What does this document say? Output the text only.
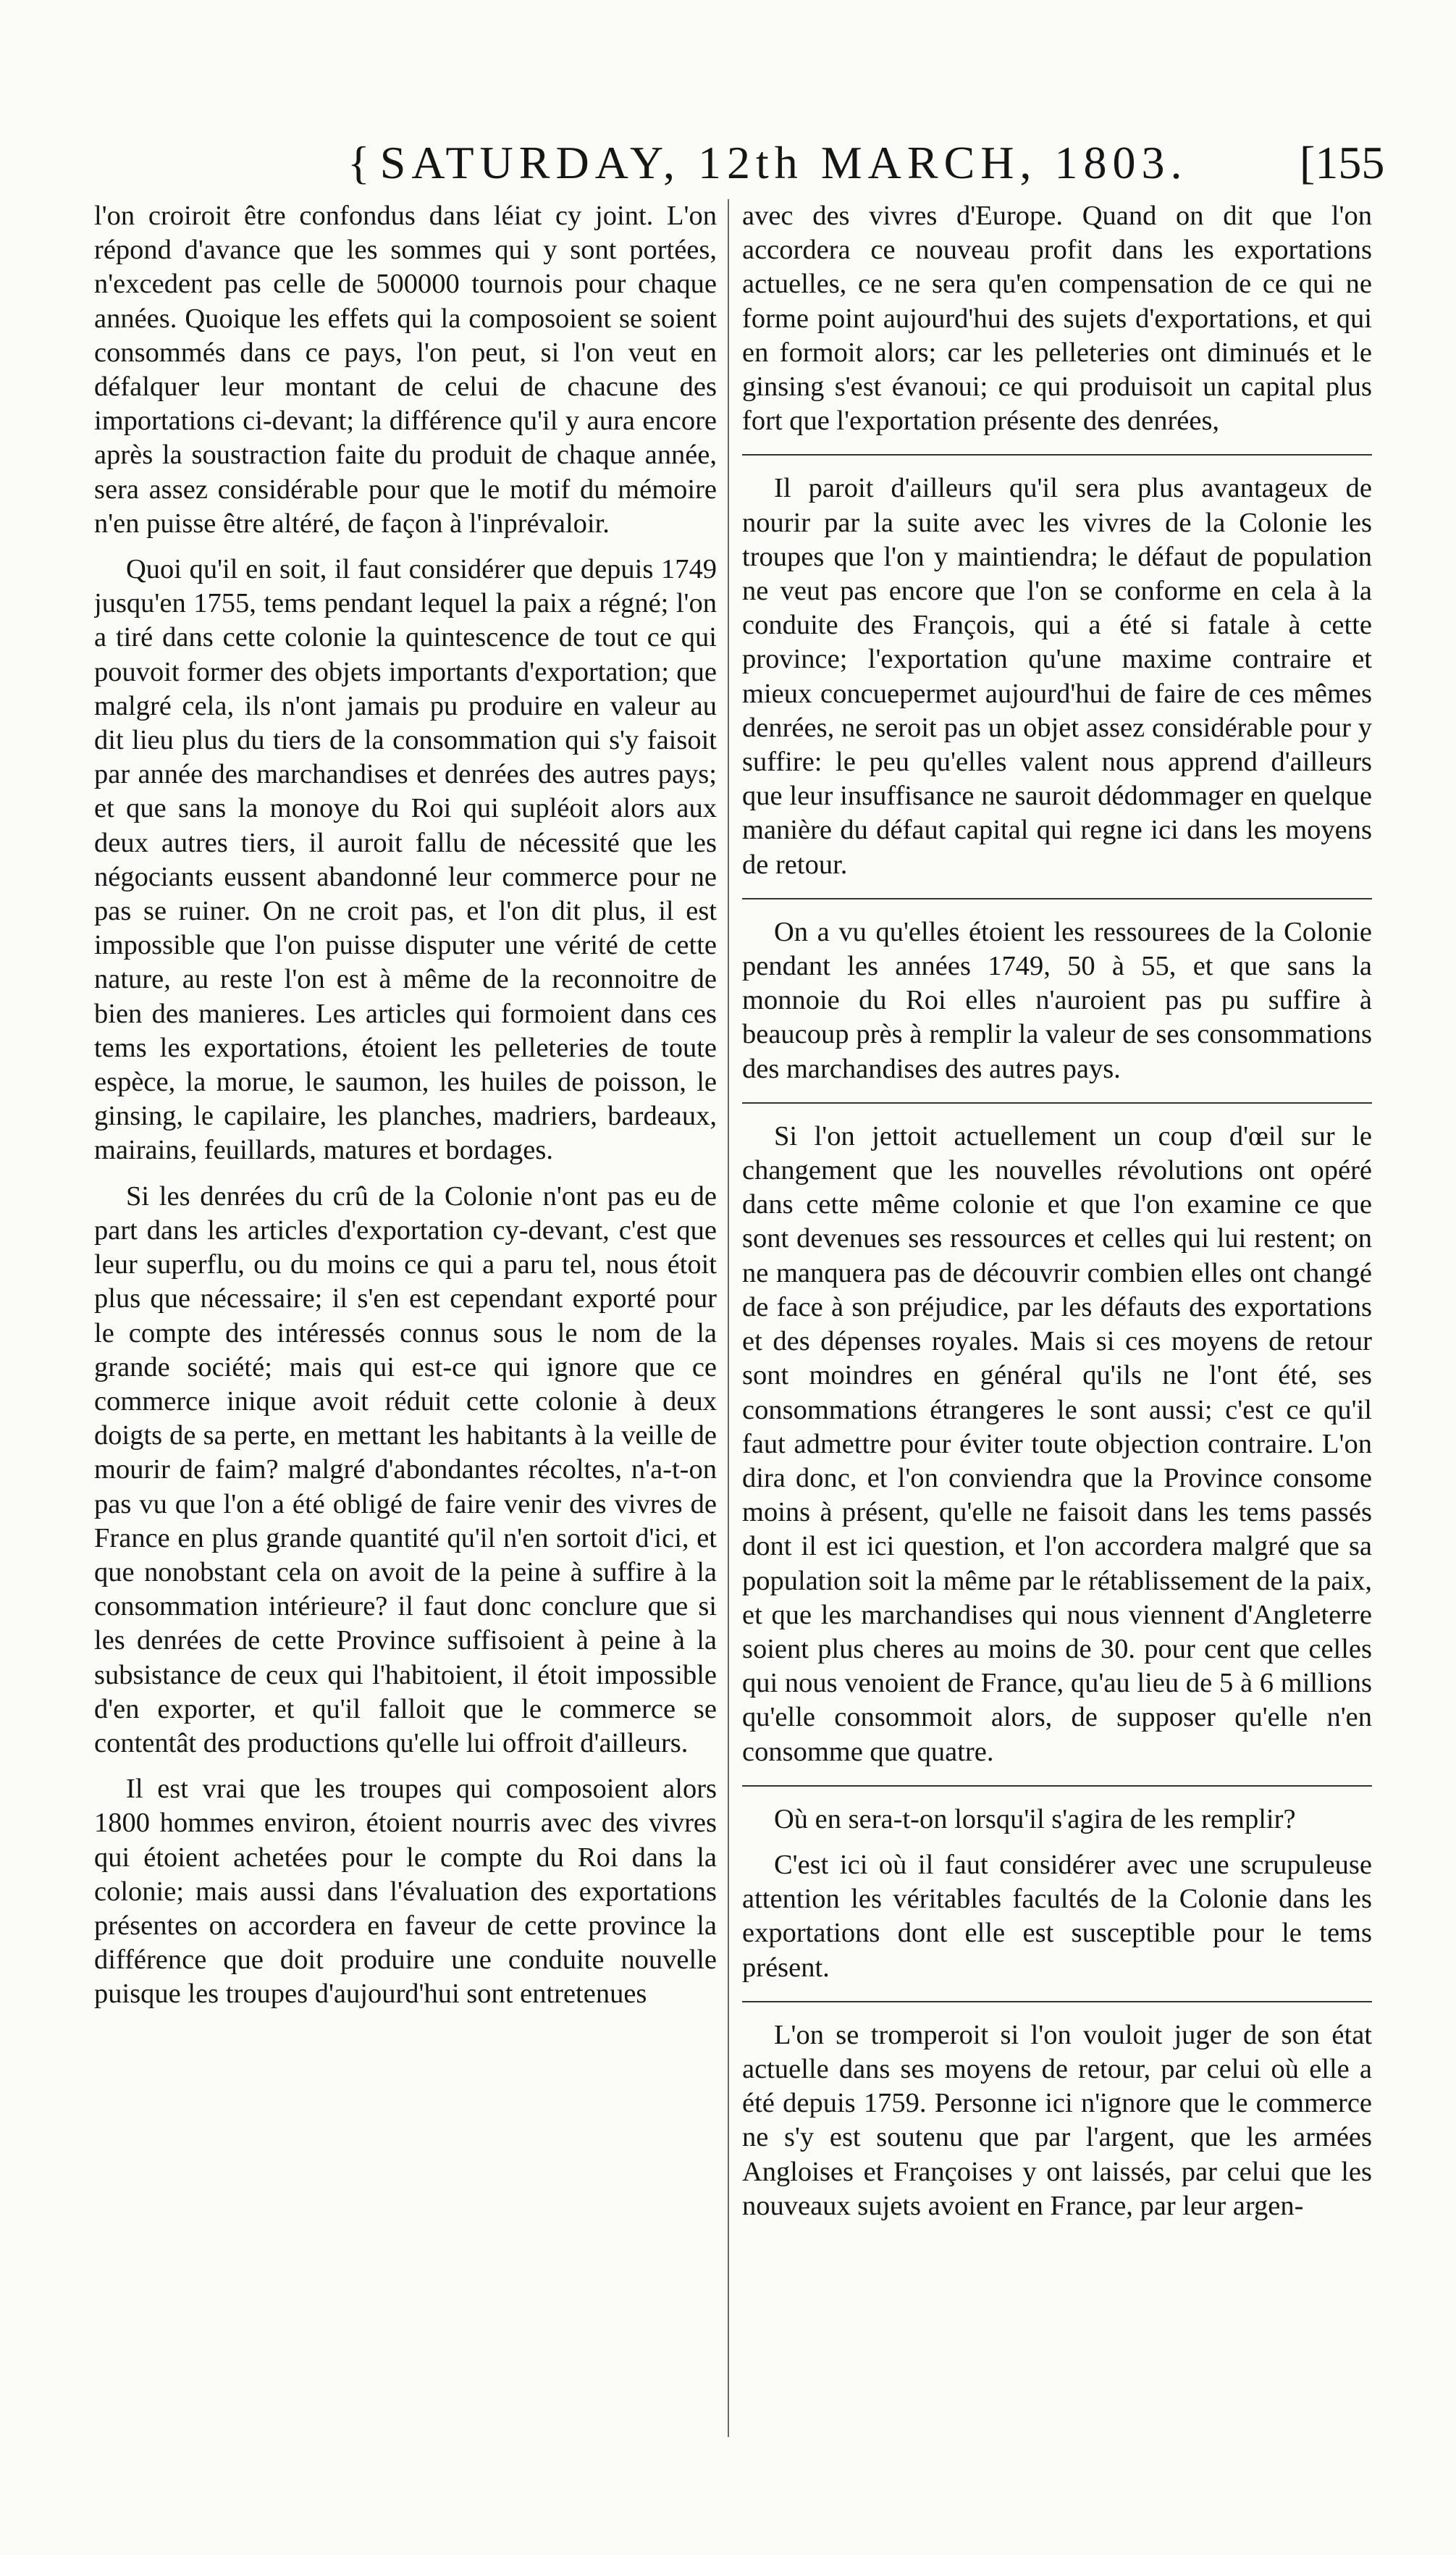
{ SATURDAY, 12th MARCH, 1803.	[155

l'on croiroit être confondus dans léiat cy joint. L'on répond d'avance que les sommes qui y sont portées, n'excedent pas celle de 500000 tournois pour chaque années. Quoique les effets qui la composoient se soient consommés dans ce pays, l'on peut, si l'on veut en défalquer leur montant de celui de chacune des importations ci-devant; la différence qu'il y aura encore après la soustraction faite du produit de chaque année, sera assez considérable pour que le motif du mémoire n'en puisse être altéré, de façon à l'inprévaloir.

Quoi qu'il en soit, il faut considérer que depuis 1749 jusqu'en 1755, tems pendant lequel la paix a régné; l'on a tiré dans cette colonie la quintescence de tout ce qui pouvoit former des objets importants d'exportation; que malgré cela, ils n'ont jamais pu produire en valeur au dit lieu plus du tiers de la consommation qui s'y faisoit par année des marchandises et denrées des autres pays; et que sans la monoye du Roi qui supléoit alors aux deux autres tiers, il auroit fallu de nécessité que les négociants eussent abandonné leur commerce pour ne pas se ruiner. On ne croit pas, et l'on dit plus, il est impossible que l'on puisse disputer une vérité de cette nature, au reste l'on est à même de la reconnoitre de bien des manieres. Les articles qui formoient dans ces tems les exportations, étoient les pelleteries de toute espèce, la morue, le saumon, les huiles de poisson, le ginsing, le capilaire, les planches, madriers, bardeaux, mairains, feuillards, matures et bordages.

Si les denrées du crû de la Colonie n'ont pas eu de part dans les articles d'exportation cy-devant, c'est que leur superflu, ou du moins ce qui a paru tel, nous étoit plus que nécessaire; il s'en est cependant exporté pour le compte des intéressés connus sous le nom de la grande société; mais qui est-ce qui ignore que ce commerce inique avoit réduit cette colonie à deux doigts de sa perte, en mettant les habitants à la veille de mourir de faim? malgré d'abondantes récoltes, n'a-t-on pas vu que l'on a été obligé de faire venir des vivres de France en plus grande quantité qu'il n'en sortoit d'ici, et que nonobstant cela on avoit de la peine à suffire à la consommation intérieure? il faut donc conclure que si les denrées de cette Province suffisoient à peine à la subsistance de ceux qui l'habitoient, il étoit impossible d'en exporter, et qu'il falloit que le commerce se contentât des productions qu'elle lui offroit d'ailleurs.

Il est vrai que les troupes qui composoient alors 1800 hommes environ, étoient nourris avec des vivres qui étoient achetées pour le compte du Roi dans la colonie; mais aussi dans l'évaluation des exportations présentes on accordera en faveur de cette province la différence que doit produire une conduite nouvelle puisque les troupes d'aujourd'hui sont entretenues

avec des vivres d'Europe. Quand on dit que l'on accordera ce nouveau profit dans les exportations actuelles, ce ne sera qu'en compensation de ce qui ne forme point aujourd'hui des sujets d'exportations, et qui en formoit alors; car les pelleteries ont diminués et le ginsing s'est évanoui; ce qui produisoit un capital plus fort que l'exportation présente des denrées,

Il paroit d'ailleurs qu'il sera plus avantageux de nourir par la suite avec les vivres de la Colonie les troupes que l'on y maintiendra; le défaut de population ne veut pas encore que l'on se conforme en cela à la conduite des François, qui a été si fatale à cette province; l'exportation qu'une maxime contraire et mieux concuepermet aujourd'hui de faire de ces mêmes denrées, ne seroit pas un objet assez considérable pour y suffire: le peu qu'elles valent nous apprend d'ailleurs que leur insuffisance ne sauroit dédommager en quelque manière du défaut capital qui regne ici dans les moyens de retour.

On a vu qu'elles étoient les ressourees de la Colonie pendant les années 1749, 50 à 55, et que sans la monnoie du Roi elles n'auroient pas pu suffire à beaucoup près à remplir la valeur de ses consommations des marchandises des autres pays.

Si l'on jettoit actuellement un coup d'œil sur le changement que les nouvelles révolutions ont opéré dans cette même colonie et que l'on examine ce que sont devenues ses ressources et celles qui lui restent; on ne manquera pas de découvrir combien elles ont changé de face à son préjudice, par les défauts des exportations et des dépenses royales. Mais si ces moyens de retour sont moindres en général qu'ils ne l'ont été, ses consommations étrangeres le sont aussi; c'est ce qu'il faut admettre pour éviter toute objection contraire. L'on dira donc, et l'on conviendra que la Province consome moins à présent, qu'elle ne faisoit dans les tems passés dont il est ici question, et l'on accordera malgré que sa population soit la même par le rétablissement de la paix, et que les marchandises qui nous viennent d'Angleterre soient plus cheres au moins de 30. pour cent que celles qui nous venoient de France, qu'au lieu de 5 à 6 millions qu'elle consommoit alors, de supposer qu'elle n'en consomme que quatre.

Où en sera-t-on lorsqu'il s'agira de les remplir?

C'est ici où il faut considérer avec une scrupuleuse attention les véritables facultés de la Colonie dans les exportations dont elle est susceptible pour le tems présent.

L'on se tromperoit si l'on vouloit juger de son état actuelle dans ses moyens de retour, par celui où elle a été depuis 1759. Personne ici n'ignore que le commerce ne s'y est soutenu que par l'argent, que les armées Angloises et Françoises y ont laissés, par celui que les nouveaux sujets avoient en France, par leur argen-
